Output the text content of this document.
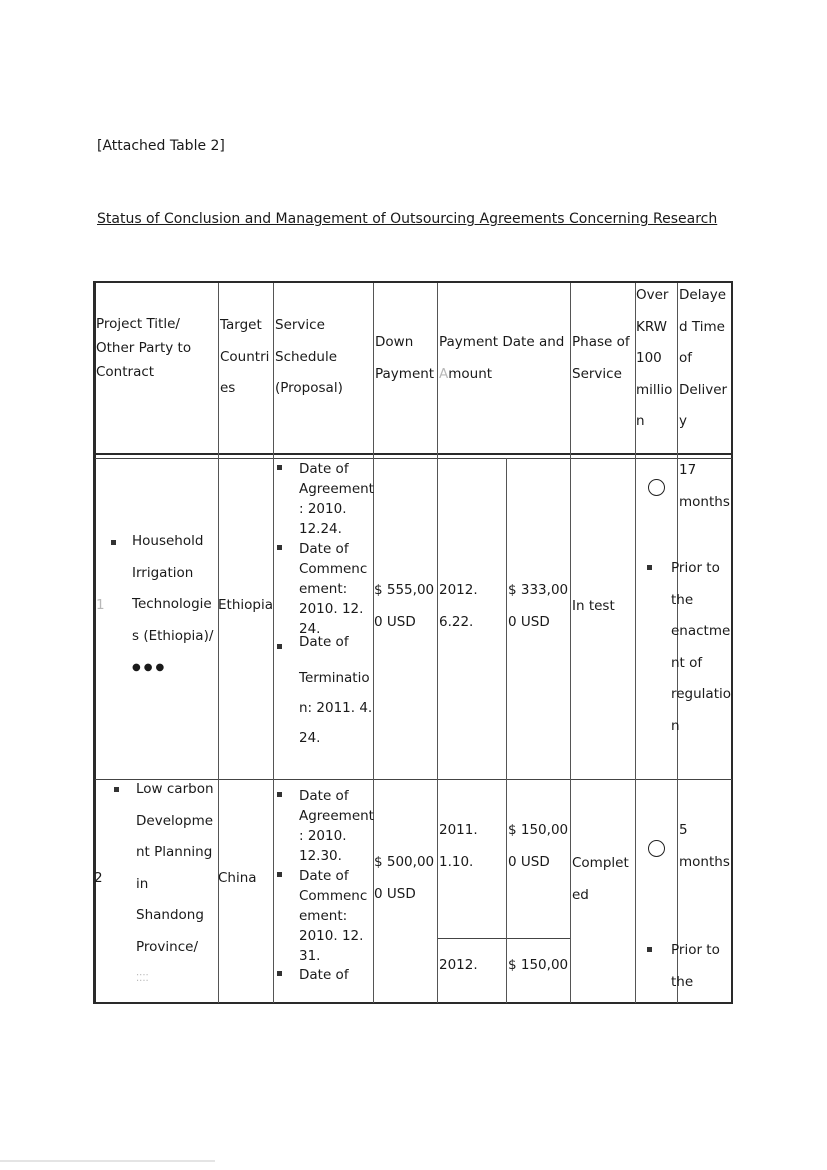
[Attached Table 2]
Status of Conclusion and Management of Outsourcing Agreements Concerning Research
Project Title/
Other Party to
Contract
Target
Countri
es
Service
Schedule
(Proposal)
Down
Payment
Payment Date and
Amount
Phase of
Service
Over
KRW
100
millio
n
Delaye
d Time
of
Deliver
y
1
Household
Irrigation
Technologie
s (Ethiopia)/
●●●
Ethiopia
Date of
Agreement
: 2010.
12.24.
Date of
Commenc
ement:
2010. 12.
24.
Date of
Terminatio
n: 2011. 4.
24.
$ 555,00
0 USD
2012.
6.22.
$ 333,00
0 USD
In test
17
months
Prior to
the
enactme
nt of
regulatio
n
2
Low carbon
Developme
nt Planning
in
Shandong
Province/
⁚⁚⁚⁚
China
Date of
Agreement
: 2010.
12.30.
Date of
Commenc
ement:
2010. 12.
31.
Date of
$ 500,00
0 USD
2011.
1.10.
$ 150,00
0 USD
2012. $ 150,00
Complet
ed
5
months
Prior to
the
